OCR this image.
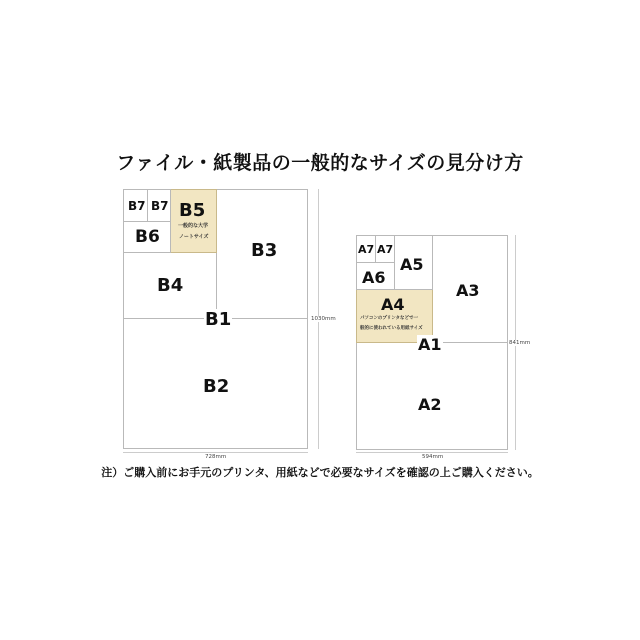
ファイル・紙製品の一般的なサイズの見分け方
B7 B7 B5
一般的な大学
ノートサイズ
B6
B3
B4
B1
B2
728mm
1030mm
A7 A7
A5
A6
A4
パソコンのプリンタなどで一
般的に使われている用紙サイズ
A3
A1
A2
594mm
841mm
注）ご購入前にお手元のプリンタ、用紙などで必要なサイズを確認の上ご購入ください。
